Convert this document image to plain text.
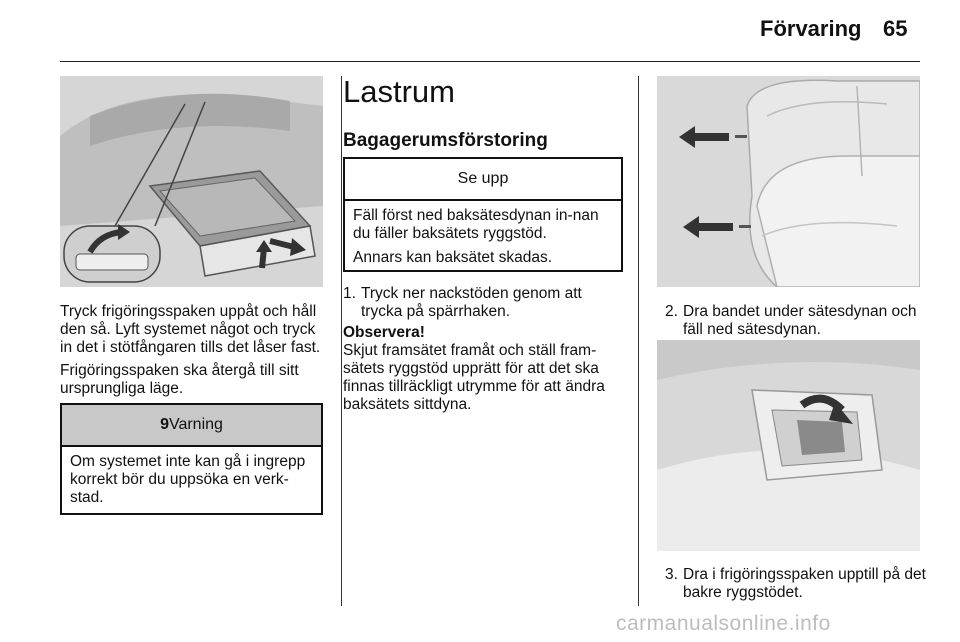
Förvaring 65

Tryck frigöringsspaken uppåt och håll den så. Lyft systemet något och tryck in det i stötfångaren tills det låser fast.

Frigöringsspaken ska återgå till sitt ursprungliga läge.

9Varning

Om systemet inte kan gå i ingrepp korrekt bör du uppsöka en verk-stad.

Lastrum
Bagagerumsförstoring
Se upp

Fäll först ned baksätesdynan in-nan du fäller baksätets ryggstöd.

Annars kan baksätet skadas.

1. Tryck ner nackstöden genom att trycka på spärrhaken.
Observera!
Skjut framsätet framåt och ställ fram-sätets ryggstöd upprätt för att det ska finnas tillräckligt utrymme för att ändra baksätets sittdyna.
2. Dra bandet under sätesdynan och fäll ned sätesdynan.
3. Dra i frigöringsspaken upptill på det bakre ryggstödet.
carmanualsonline.info
